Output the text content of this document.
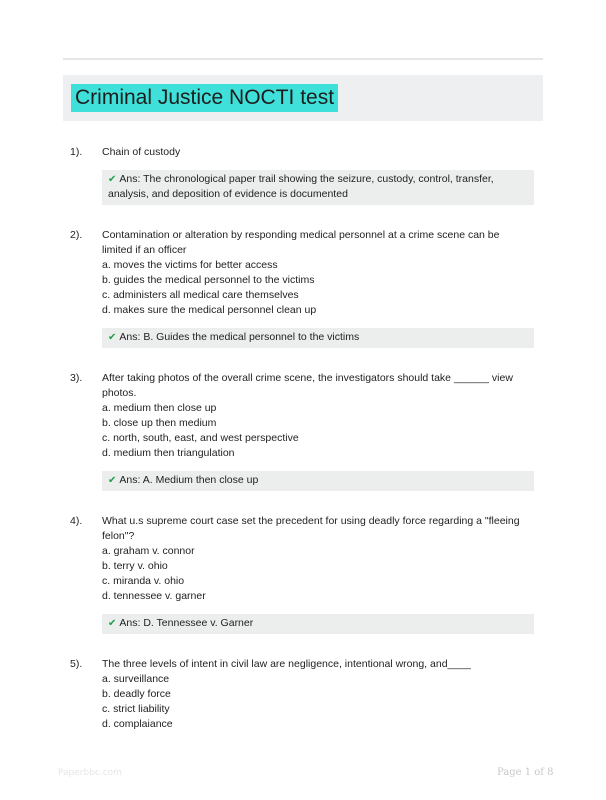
Criminal Justice NOCTI test
1).	Chain of custody
✔ Ans: The chronological paper trail showing the seizure, custody, control, transfer,
analysis, and deposition of evidence is documented
2).	Contamination or alteration by responding medical personnel at a crime scene can be
limited if an officer
a. moves the victims for better access
b. guides the medical personnel to the victims
c. administers all medical care themselves
d. makes sure the medical personnel clean up
✔ Ans: B. Guides the medical personnel to the victims
3).	After taking photos of the overall crime scene, the investigators should take ______ view
photos.
a. medium then close up
b. close up then medium
c. north, south, east, and west perspective
d. medium then triangulation
✔ Ans: A. Medium then close up
4).	What u.s supreme court case set the precedent for using deadly force regarding a "fleeing
felon"?
a. graham v. connor
b. terry v. ohio
c. miranda v. ohio
d. tennessee v. garner
✔ Ans: D. Tennessee v. Garner
5).	The three levels of intent in civil law are negligence, intentional wrong, and____
a. surveillance
b. deadly force
c. strict liability
d. complaiance
Paperbbc.com	Page 1 of 8
